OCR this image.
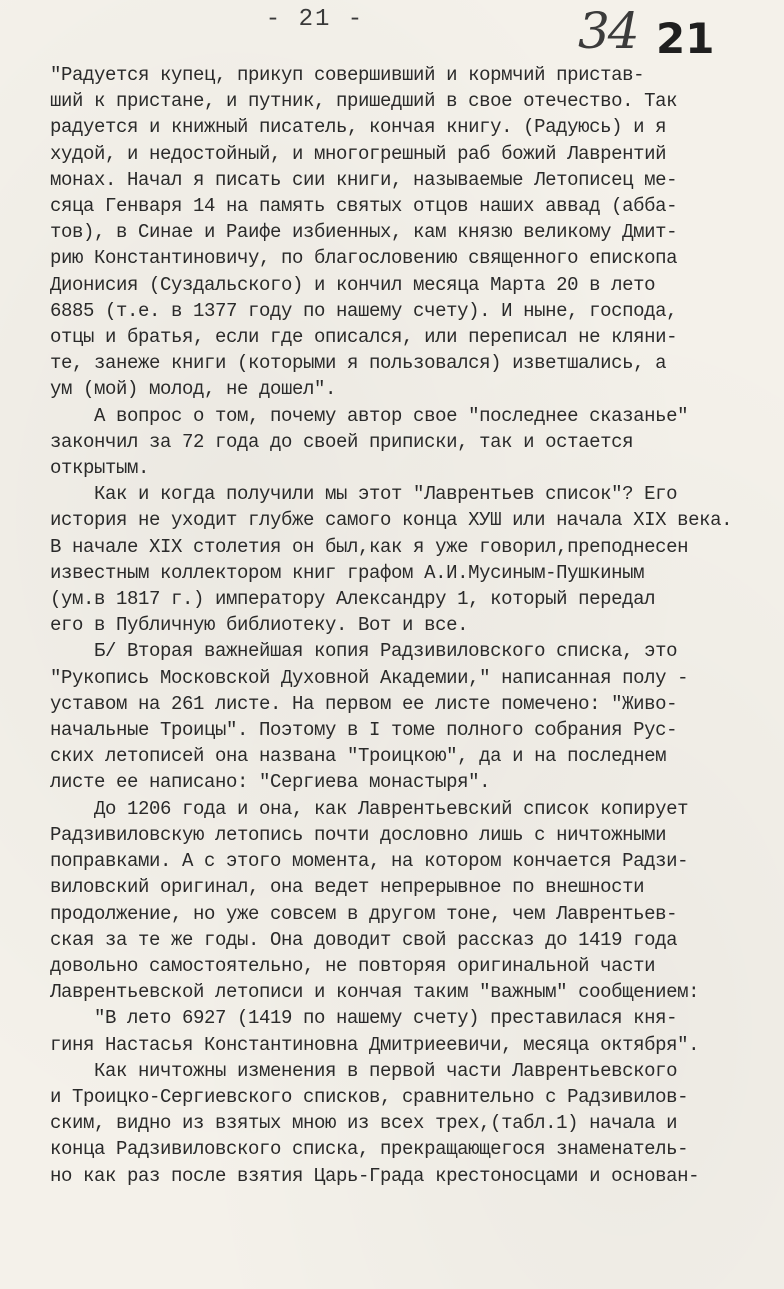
- 21 -	34 21
"Радуется купец, прикуп совершивший и кормчий пристав-
ший к пристане, и путник, пришедший в свое отечество. Так
радуется и книжный писатель, кончая книгу. (Радуюсь) и я
худой, и недостойный, и многогрешный раб божий Лаврентий
монах. Начал я писать сии книги, называемые Летописец ме-
сяца Генваря 14 на память святых отцов наших аввад (абба-
тов), в Синае и Раифе избиенных, кам князю великому Дмит-
рию Константиновичу, по благословению священного епископа
Дионисия (Суздальского) и кончил месяца Марта 20 в лето
6885 (т.е. в 1377 году по нашему счету). И ныне, господа,
отцы и братья, если где описался, или переписал не кляни-
те, занеже книги (которыми я пользовался) изветшались, а
ум (мой) молод, не дошел".
А вопрос о том, почему автор свое "последнее сказанье"
закончил за 72 года до своей приписки, так и остается
открытым.
Как и когда получили мы этот "Лаврентьев список"? Его
история не уходит глубже самого конца ХУШ или начала XIX века.
В начале XIX столетия он был,как я уже говорил,преподнесен
известным коллектором книг графом А.И.Мусиным-Пушкиным
(ум.в 1817 г.) императору Александру 1, который передал
его в Публичную библиотеку. Вот и все.
Б/ Вторая важнейшая копия Радзивиловского списка, это
"Рукопись Московской Духовной Академии," написанная полу -
уставом на 261 листе. На первом ее листе помечено: "Живо-
начальные Троицы". Поэтому в I томе полного собрания Рус-
ских летописей она названа "Троицкою", да и на последнем
листе ее написано: "Сергиева монастыря".
До 1206 года и она, как Лаврентьевский список копирует
Радзивиловскую летопись почти дословно лишь с ничтожными
поправками. А с этого момента, на котором кончается Радзи-
виловский оригинал, она ведет непрерывное по внешности
продолжение, но уже совсем в другом тоне, чем Лаврентьев-
ская за те же годы. Она доводит свой рассказ до 1419 года
довольно самостоятельно, не повторяя оригинальной части
Лаврентьевской летописи и кончая таким "важным" сообщением:
"В лето 6927 (1419 по нашему счету) преставилася кня-
гиня Настасья Константиновна Дмитриеевичи, месяца октября".
Как ничтожны изменения в первой части Лаврентьевского
и Троицко-Сергиевского списков, сравнительно с Радзивилов-
ским, видно из взятых мною из всех трех,(табл.1) начала и
конца Радзивиловского списка, прекращающегося знаменатель-
но как раз после взятия Царь-Града крестоносцами и основан-
